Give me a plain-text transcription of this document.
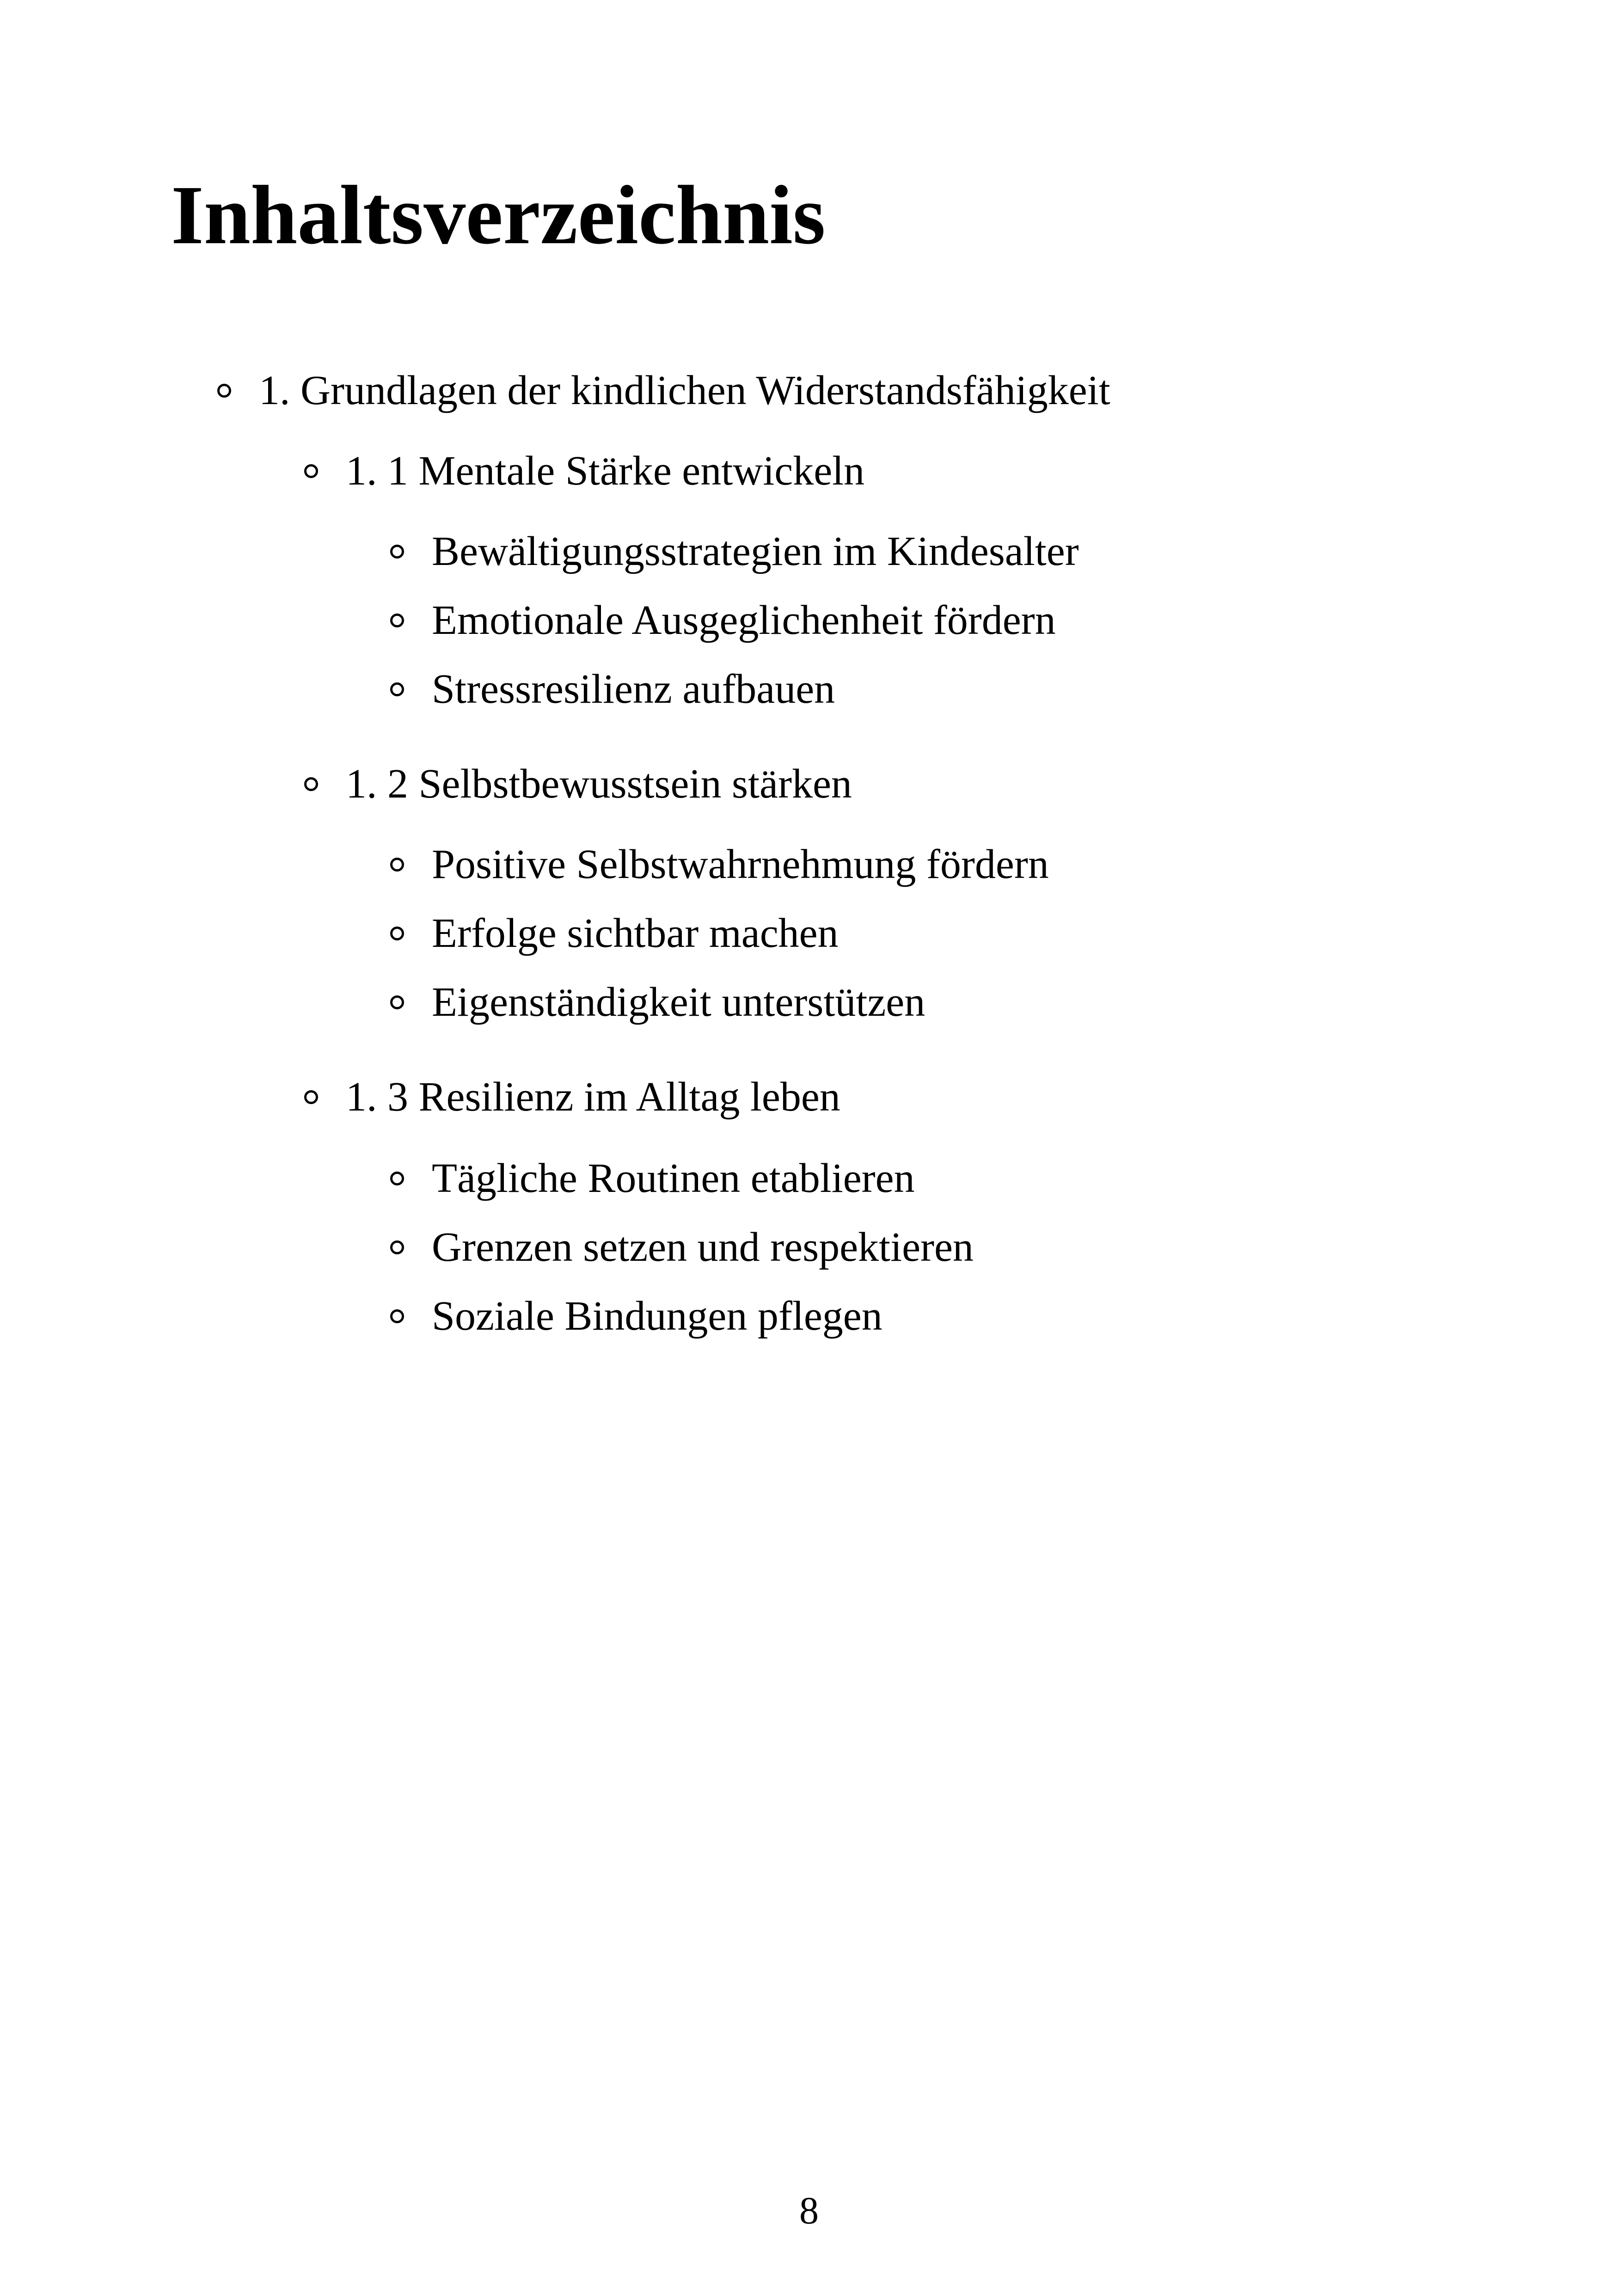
Inhaltsverzeichnis
1. Grundlagen der kindlichen Widerstandsfähigkeit
1. 1 Mentale Stärke entwickeln
Bewältigungsstrategien im Kindesalter
Emotionale Ausgeglichenheit fördern
Stressresilienz aufbauen
1. 2 Selbstbewusstsein stärken
Positive Selbstwahrnehmung fördern
Erfolge sichtbar machen
Eigenständigkeit unterstützen
1. 3 Resilienz im Alltag leben
Tägliche Routinen etablieren
Grenzen setzen und respektieren
Soziale Bindungen pflegen
8
